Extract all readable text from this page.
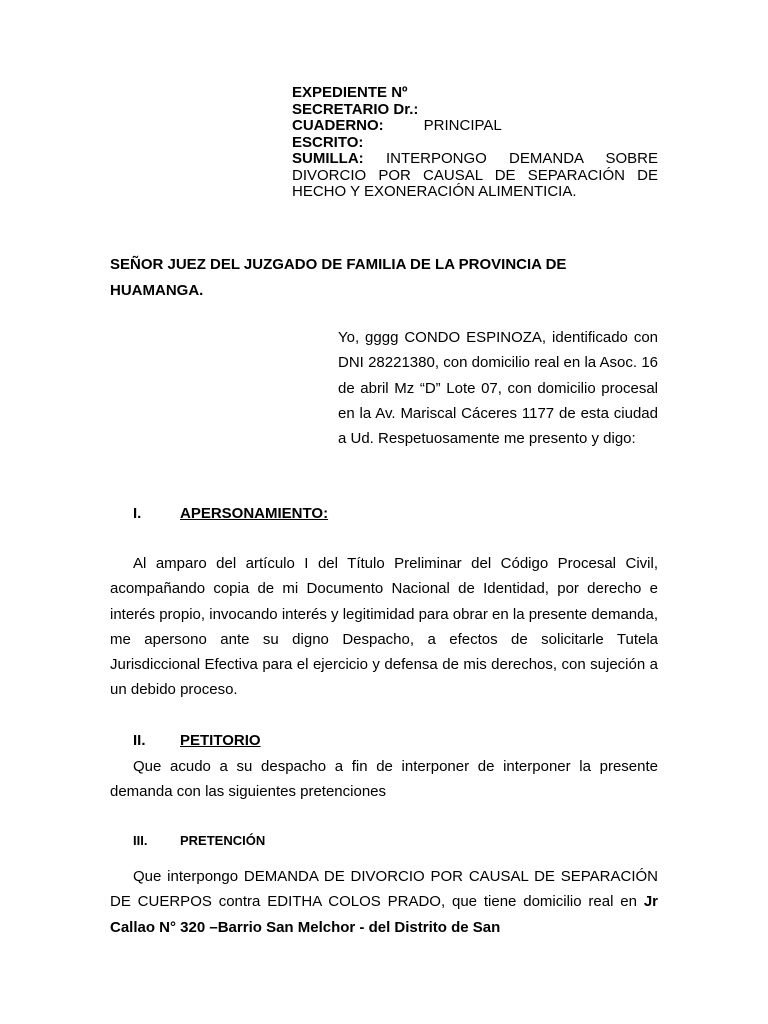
EXPEDIENTE Nº
SECRETARIO Dr.:
CUADERNO:	PRINCIPAL
ESCRITO:
SUMILLA: INTERPONGO DEMANDA SOBRE DIVORCIO POR CAUSAL DE SEPARACIÓN DE HECHO Y EXONERACIÓN ALIMENTICIA.
SEÑOR JUEZ DEL JUZGADO DE FAMILIA DE LA PROVINCIA DE HUAMANGA.
Yo, gggg CONDO ESPINOZA, identificado con DNI 28221380, con domicilio real en la Asoc. 16 de abril Mz “D” Lote 07, con domicilio procesal en la Av. Mariscal Cáceres 1177 de esta ciudad a Ud. Respetuosamente me presento y digo:
I.	APERSONAMIENTO:
Al amparo del artículo I del Título Preliminar del Código Procesal Civil, acompañando copia de mi Documento Nacional de Identidad, por derecho e interés propio, invocando interés y legitimidad para obrar en la presente demanda, me apersono ante su digno Despacho, a efectos de solicitarle Tutela Jurisdiccional Efectiva para el ejercicio y defensa de mis derechos, con sujeción a un debido proceso.
II. PETITORIO
Que acudo a su despacho a fin de interponer de interponer la presente demanda con las siguientes pretenciones
III.	PRETENCIÓN
Que interpongo DEMANDA DE DIVORCIO POR CAUSAL DE SEPARACIÓN DE CUERPOS contra EDITHA COLOS PRADO, que tiene domicilio real en Jr Callao N° 320 –Barrio San Melchor - del Distrito de San
